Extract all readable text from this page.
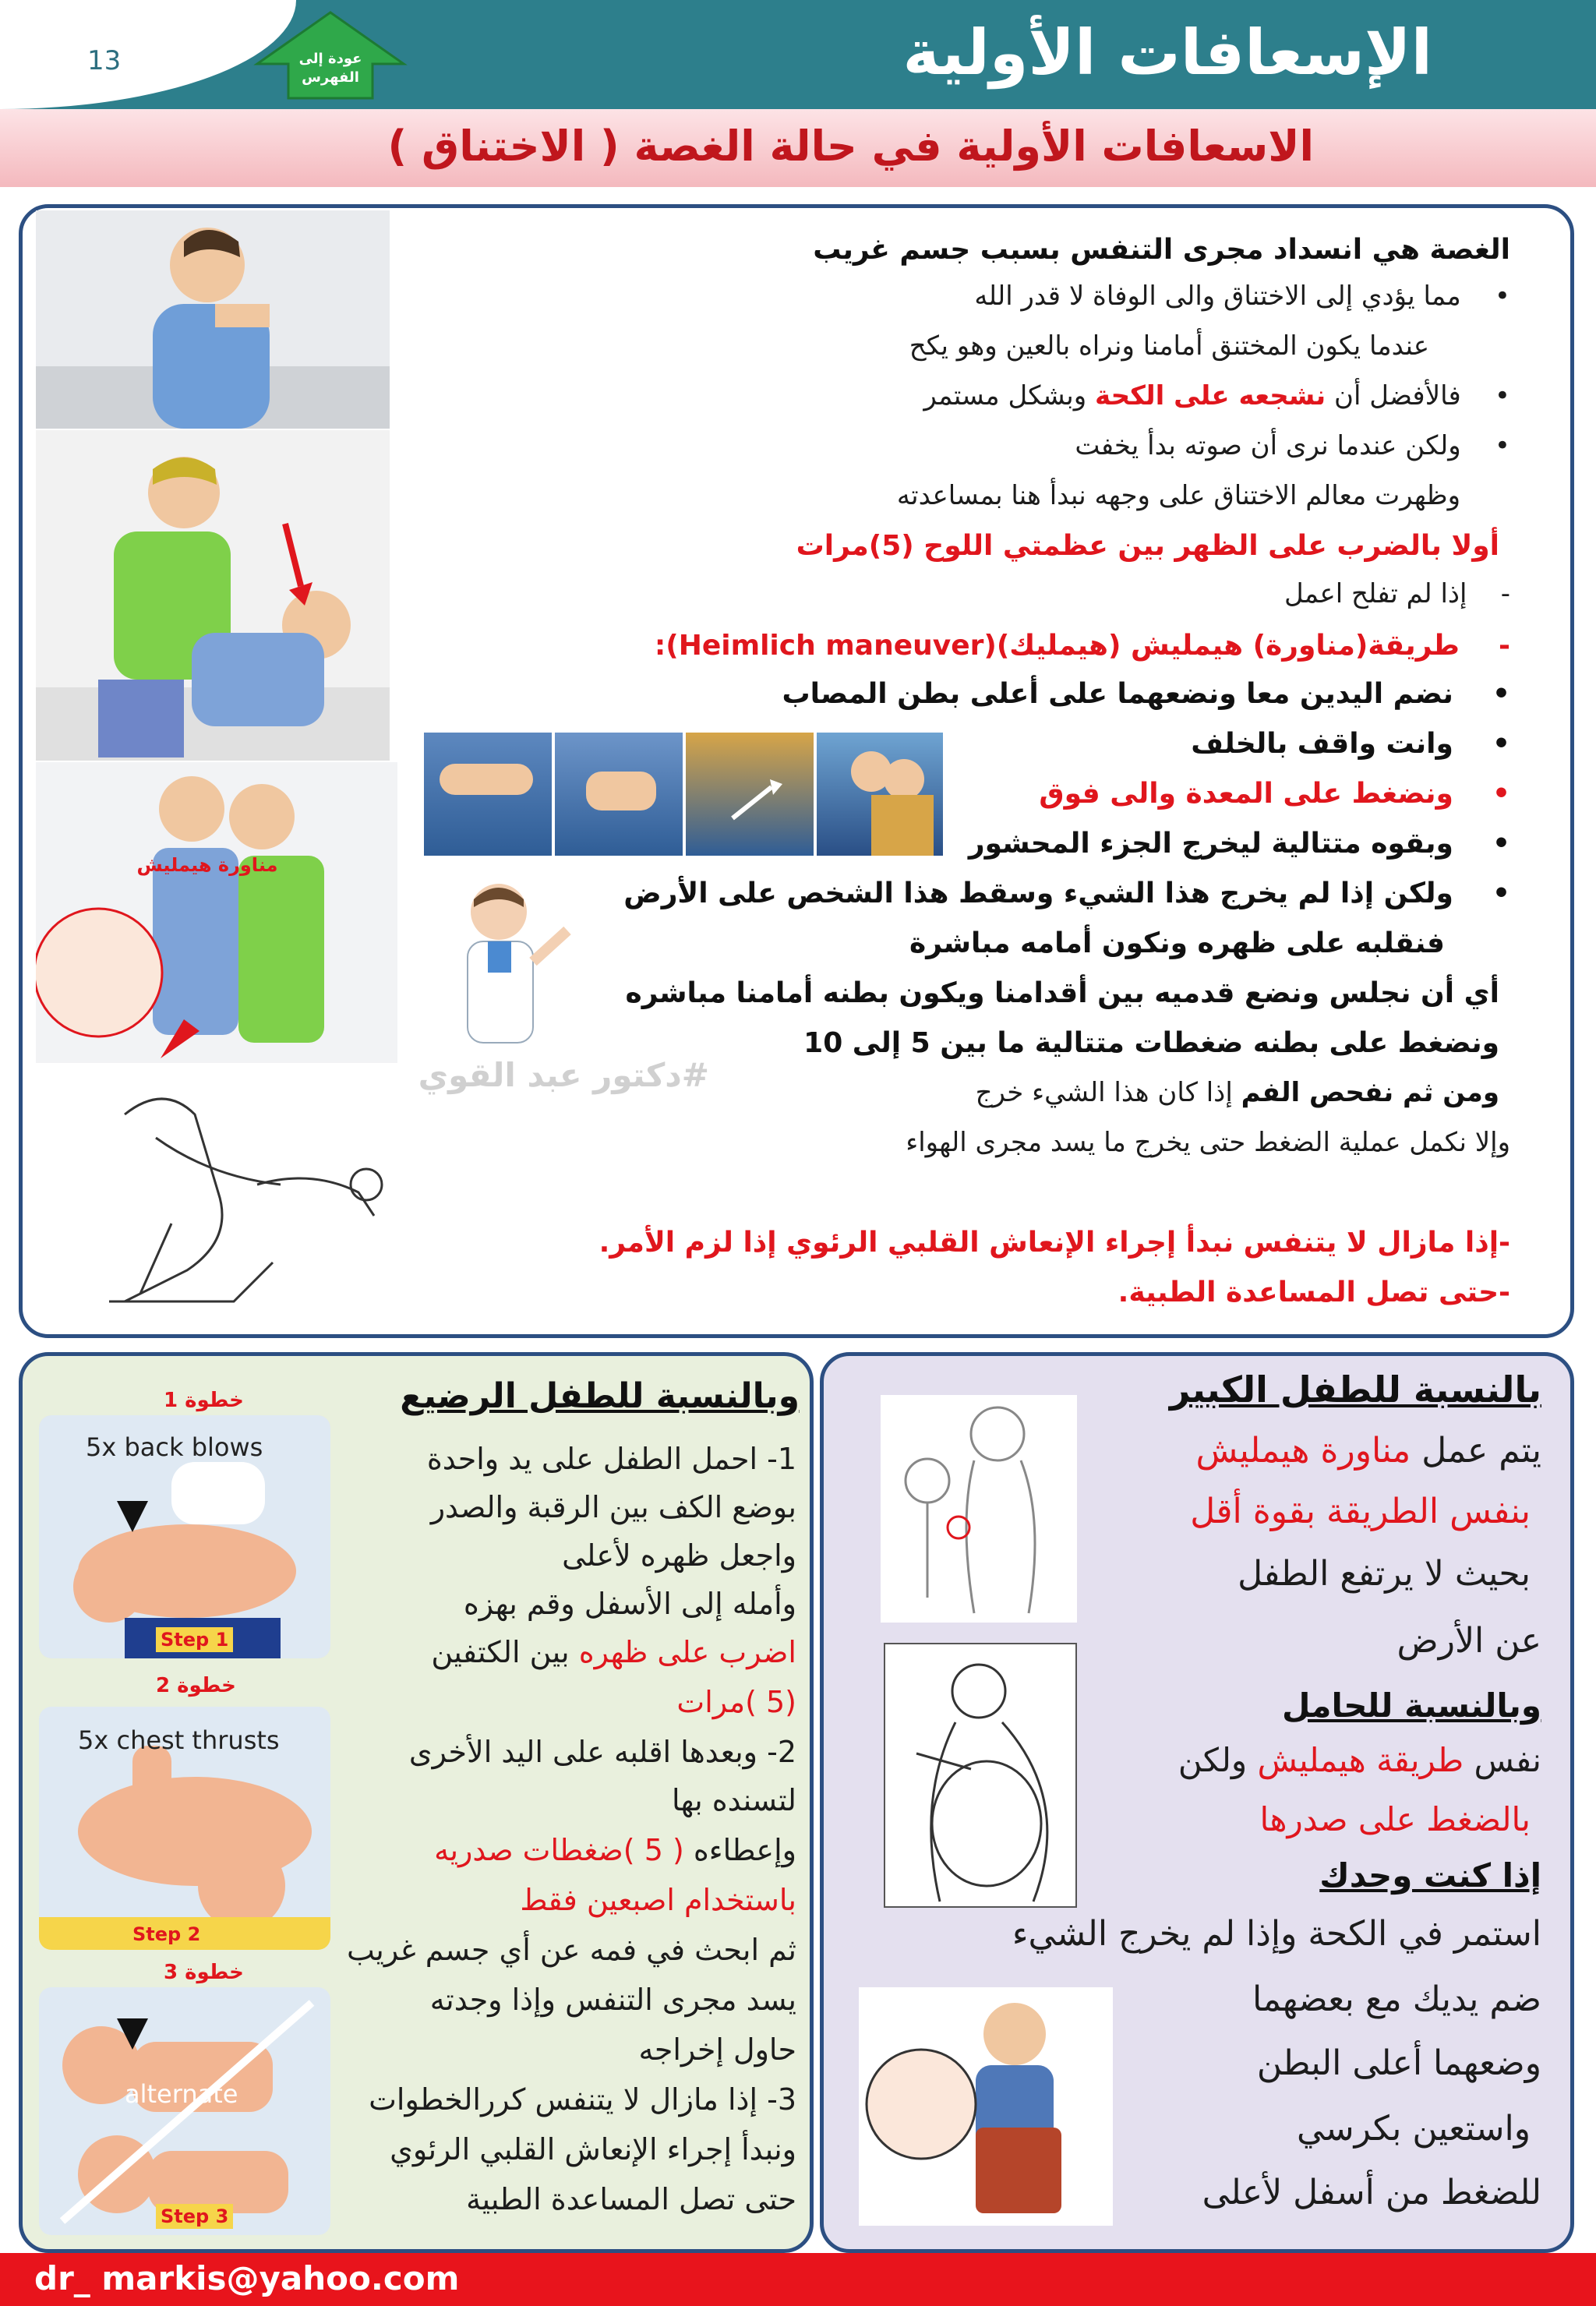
13	عودة إلى
الفهرس	الإسعافات الأولية
الاسعافات الأولية في حالة الغصة ( الاختناق )
مناورة هيمليش
#دكتور عبد القوي
الغصة هي انسداد مجرى التنفس بسبب جسم غريب
•    مما يؤدي إلى الاختناق والى الوفاة لا قدر الله
عندما يكون المختنق أمامنا ونراه بالعين وهو يكح
•    فالأفضل أن نشجعه على الكحة وبشكل مستمر
•    ولكن عندما نرى أن صوته بدأ يخفت
وظهرت معالم الاختناق على وجهه نبدأ هنا بمساعدته
أولا بالضرب على الظهر بين عظمتي اللوح (5)مرات
-    إذا لم تفلح اعمل
-    طريقة(مناورة) هيمليش (هيمليك)(Heimlich maneuver):
•    نضم اليدين معا ونضعهما على أعلى بطن المصاب
•    وانت واقف بالخلف
•    ونضغط على المعدة والى فوق
•    وبقوه متتالية ليخرج الجزء المحشور
•    ولكن إذا لم يخرج هذا الشيء وسقط هذا الشخص على الأرض
فنقلبه على ظهره ونكون أمامه مباشرة
أي أن نجلس ونضع قدميه بين أقدامنا ويكون بطنه أمامنا مباشره
ونضغط على بطنه ضغطات متتالية ما بين 5 إلى 10
ومن ثم نفحص الفم إذا كان هذا الشيء خرج
وإلا نكمل عملية الضغط حتى يخرج ما يسد مجرى الهواء
-إذا مازال لا يتنفس نبدأ إجراء الإنعاش القلبي الرئوي إذا لزم الأمر.
-حتى تصل المساعدة الطبية.
وبالنسبة للطفل الرضيع
خطوة 1
5x back blows
Step 1
خطوة 2
5x chest thrusts
Step 2
خطوة 3
alternate
Step 3
1- احمل الطفل على يد واحدة
بوضع الكف بين الرقبة والصدر
واجعل ظهره لأعلى
وأمله إلى الأسفل وقم بهزه
اضرب على ظهره بين الكتفين
(5 )مرات
2- وبعدها اقلبه على اليد الأخرى
لتسنده بها
وإعطاءه ( 5 )ضغطات صدريه
باستخدام اصبعين فقط
ثم ابحث في فمه عن أي جسم غريب
يسد مجرى التنفس وإذا وجدته
حاول إخراجه
3- إذا مازال لا يتنفس كررالخطوات
ونبدأ إجراء الإنعاش القلبي الرئوي
حتى تصل المساعدة الطبية
بالنسبة للطفل الكبير
يتم عمل مناورة هيمليش
بنفس الطريقة بقوة أقل
بحيث لا يرتفع الطفل
عن الأرض
وبالنسبة للحامل
نفس طريقة هيمليش ولكن
بالضغط على صدرها
إذا كنت وحدك
استمر في الكحة وإذا لم يخرج الشيء
ضم يديك مع بعضهما
وضعهما أعلى البطن
واستعين بكرسي
للضغط من أسفل لأعلى
dr_ markis@yahoo.com
